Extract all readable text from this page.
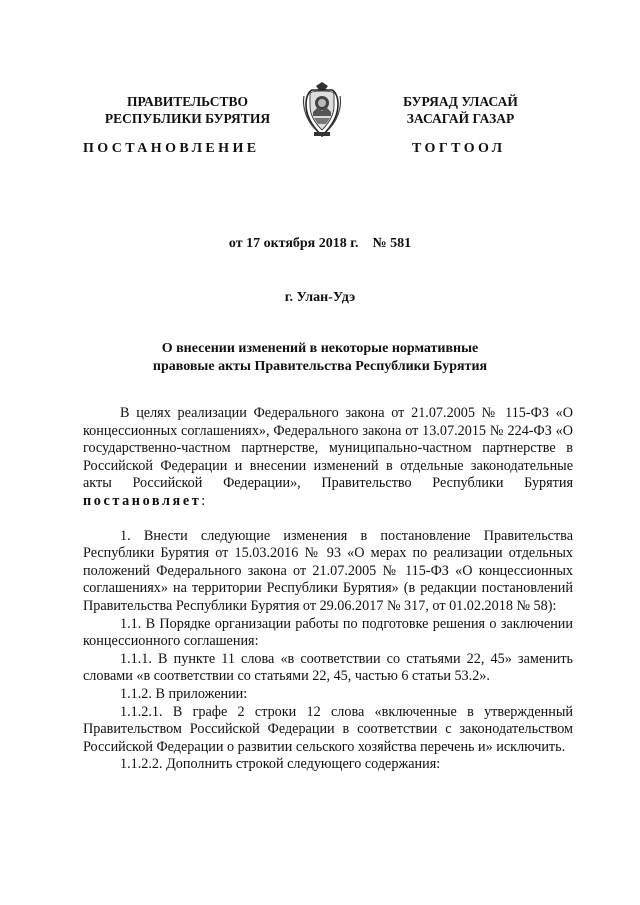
ПРАВИТЕЛЬСТВО
РЕСПУБЛИКИ БУРЯТИЯ
БУРЯАД УЛАСАЙ
ЗАСАГАЙ ГАЗАР
ПОСТАНОВЛЕНИЕ	ТОГТООЛ
от 17 октября 2018 г.    № 581
г. Улан-Удэ
О внесении изменений в некоторые нормативные
правовые акты Правительства Республики Бурятия

В целях реализации Федерального закона от 21.07.2005 № 115-ФЗ «О концессионных соглашениях», Федерального закона от 13.07.2015 № 224-ФЗ «О государственно-частном партнерстве, муниципально-частном партнерстве в Российской Федерации и внесении изменений в отдельные законодательные акты Российской Федерации», Правительство Республики Бурятия постановляет:

1. Внести следующие изменения в постановление Правительства Республики Бурятия от 15.03.2016 № 93 «О мерах по реализации отдельных положений Федерального закона от 21.07.2005 № 115-ФЗ «О концессионных соглашениях» на территории Республики Бурятия» (в редакции постановлений Правительства Республики Бурятия от 29.06.2017 № 317, от 01.02.2018 № 58):

1.1. В Порядке организации работы по подготовке решения о заключении концессионного соглашения:

1.1.1. В пункте 11 слова «в соответствии со статьями 22, 45» заменить словами «в соответствии со статьями 22, 45, частью 6 статьи 53.2».

1.1.2. В приложении:

1.1.2.1. В графе 2 строки 12 слова «включенные в утвержденный Правительством Российской Федерации в соответствии с законодательством Российской Федерации о развитии сельского хозяйства перечень и» исключить.

1.1.2.2. Дополнить строкой следующего содержания:
